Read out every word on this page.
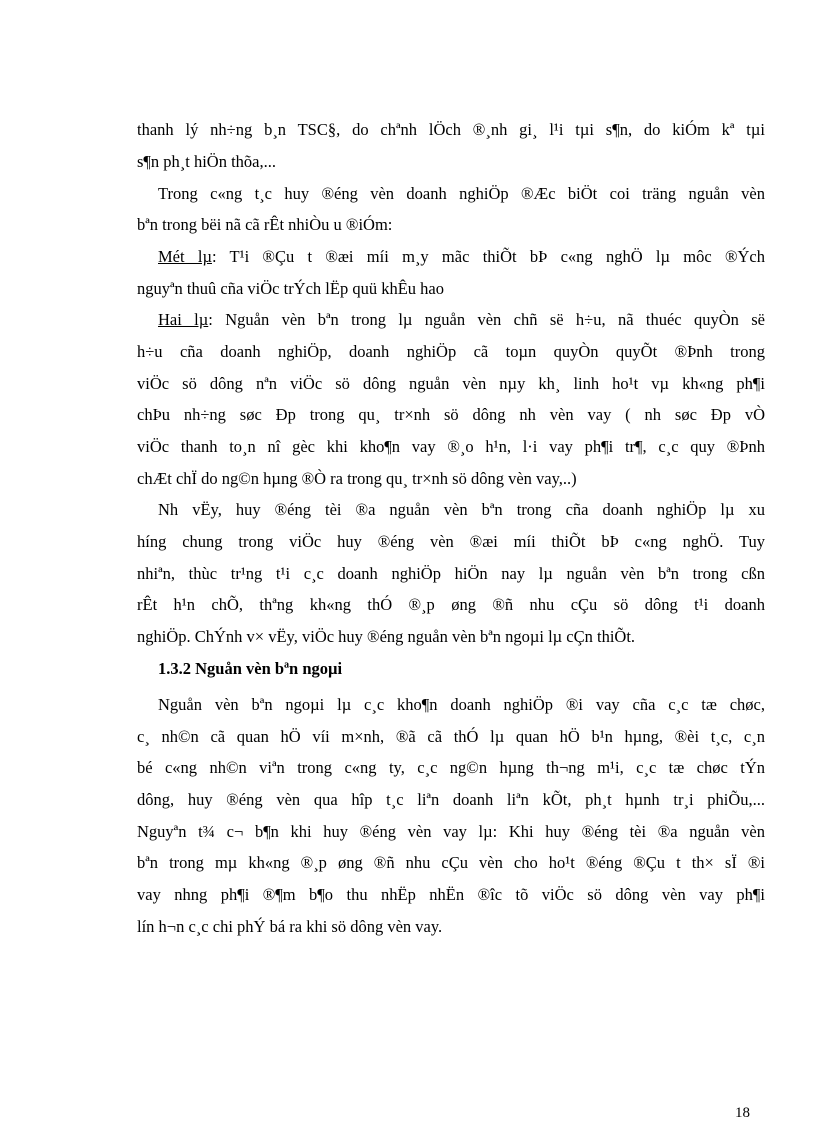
thanh lý nh÷ng b¸n TSC§, do chªnh lÖch ®¸nh gi¸ l¹i tµi s¶n, do kiÓm kª tµi
s¶n ph¸t hiÖn thõa,...
Trong c«ng t¸c huy ®éng vèn doanh nghiÖp ®Æc biÖt coi träng nguån vèn
bªn trong bëi nã cã rÊt nhiÒu u ®iÓm:
Mét lµ: T¹i ®Çu t ®æi míi m¸y mãc thiÕt bÞ c«ng nghÖ lµ môc ®Ých
nguyªn thuû cña viÖc trÝch lËp quü khÊu hao
Hai lµ: Nguån vèn bªn trong lµ nguån vèn chñ së h÷u, nã thuéc quyÒn së
h÷u cña doanh nghiÖp, doanh nghiÖp cã toµn quyÒn quyÕt ®Þnh trong
viÖc sö dông nªn viÖc sö dông nguån vèn nµy kh¸ linh ho¹t vµ kh«ng ph¶i
chÞu nh÷ng søc Ðp trong qu¸ tr×nh sö dông nh vèn vay ( nh søc Ðp vÒ
viÖc thanh to¸n nî gèc khi kho¶n vay ®¸o h¹n, l·i vay ph¶i tr¶, c¸c quy ®Þnh
chÆt chÏ do ng©n hµng ®Ò ra trong qu¸ tr×nh sö dông vèn vay,..)
Nh vËy, huy ®éng tèi ®a nguån vèn bªn trong cña doanh nghiÖp lµ xu
híng chung trong viÖc huy ®éng vèn ®æi míi thiÕt bÞ c«ng nghÖ. Tuy
nhiªn, thùc tr¹ng t¹i c¸c doanh nghiÖp hiÖn nay lµ nguån vèn bªn trong cßn
rÊt h¹n chÕ, thªng kh«ng thÓ ®¸p øng ®ñ nhu cÇu sö dông t¹i doanh
nghiÖp. ChÝnh v× vËy, viÖc huy ®éng nguån vèn bªn ngoµi lµ cÇn thiÕt.
1.3.2 Nguån vèn bªn ngoµi
Nguån vèn bªn ngoµi lµ c¸c kho¶n doanh nghiÖp ®i vay cña c¸c tæ chøc,
c¸ nh©n cã quan hÖ víi m×nh, ®ã cã thÓ lµ quan hÖ b¹n hµng, ®èi t¸c, c¸n
bé c«ng nh©n viªn trong c«ng ty, c¸c ng©n hµng th¬ng m¹i, c¸c tæ chøc tÝn
dông, huy ®éng vèn qua hîp t¸c liªn doanh liªn kÕt, ph¸t hµnh tr¸i phiÕu,...
Nguyªn t¾ c¬ b¶n khi huy ®éng vèn vay lµ: Khi huy ®éng tèi ®a nguån vèn
bªn trong mµ kh«ng ®¸p øng ®ñ nhu cÇu vèn cho ho¹t ®éng ®Çu t th× sÏ ®i
vay nhng ph¶i ®¶m b¶o thu nhËp nhËn ®îc tõ viÖc sö dông vèn vay ph¶i
lín h¬n c¸c chi phÝ bá ra khi sö dông vèn vay.
18
